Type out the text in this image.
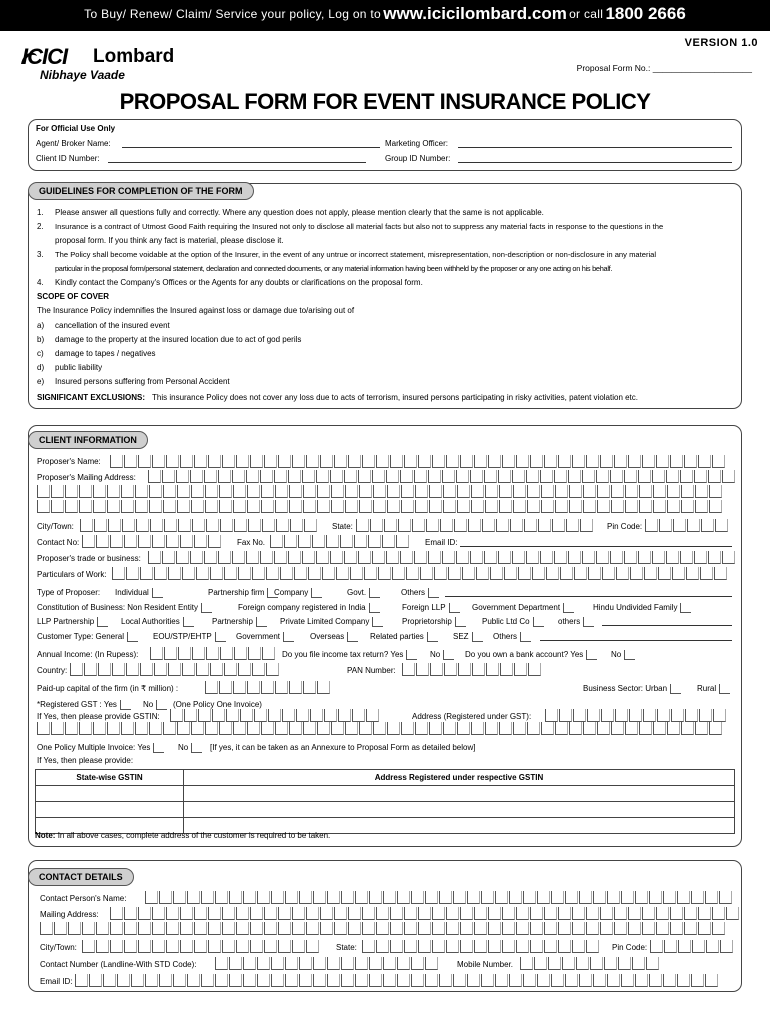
To Buy/ Renew/ Claim/ Service your policy, Log on to www.icicilombard.com or call 1800 2666
VERSION 1.0
Proposal Form No.: _____________________
ICICI Lombard
Nibhaye Vaade
PROPOSAL FORM FOR EVENT INSURANCE POLICY
For Official Use Only
Agent/ Broker Name:
Client ID Number:
Marketing Officer:
Group ID Number:
GUIDELINES FOR COMPLETION OF THE FORM
1. Please answer all questions fully and correctly. Where any question does not apply, please mention clearly that the same is not applicable.
2. Insurance is a contract of Utmost Good Faith requiring the Insured not only to disclose all material facts but also not to suppress any material facts in response to the questions in the
proposal form. If you think any fact is material, please disclose it.
3. The Policy shall become voidable at the option of the Insurer, in the event of any untrue or incorrect statement, misrepresentation, non-description or non-disclosure in any material
particular in the proposal form/personal statement, declaration and connected documents, or any material information having been withheld by the proposer or any one acting on his behalf.
4. Kindly contact the Company's Offices or the Agents for any doubts or clarifications on the proposal form.
SCOPE OF COVER
The Insurance Policy indemnifies the Insured against loss or damage due to/arising out of
a) cancellation of the insured event
b) damage to the property at the insured location due to act of god perils
c) damage to tapes / negatives
d) public liability
e) Insured persons suffering from Personal Accident
SIGNIFICANT EXCLUSIONS: This insurance Policy does not cover any loss due to acts of terrorism, insured persons participating in risky activities, patent violation etc.
CLIENT INFORMATION
Proposer's Name:
Proposer's Mailing Address:
City/Town:	State:	Pin Code:
Contact No:	Fax No.	Email ID:
Proposer's trade or business:
Particulars of Work:
Type of Proposer: Individual	Partnership firm	Company	Govt.	Others
Constitution of Business: Non Resident Entity	Foreign company registered in India	Foreign LLP	Government Department	Hindu Undivided Family
LLP Partnership	Local Authorities	Partnership	Private Limited Company	Proprietorship	Public Ltd Co	others
Customer Type: General	EOU/STP/EHTP	Government	Overseas	Related parties	SEZ	Others
Annual Income: (In Rupess):	Do you file income tax return? Yes	No	Do you own a bank account? Yes	No
Country:	PAN Number:
Paid-up capital of the firm (in ₹ million) :	Business Sector: Urban	Rural
*Registered GST : Yes	No	(One Policy One Invoice)
If Yes, then please provide GSTIN:	Address (Registered under GST):
One Policy Multiple Invoice: Yes	No	[If yes, it can be taken as an Annexure to Proposal Form as detailed below]
If Yes, then please provide:
State-wise GSTIN	Address Registered under respective GSTIN

Note: In all above cases, complete address of the customer is required to be taken.
CONTACT DETAILS
Contact Person's Name:
Mailing Address:
City/Town:	State:	Pin Code:
Contact Number (Landline-With STD Code):	Mobile Number.
Email ID:
